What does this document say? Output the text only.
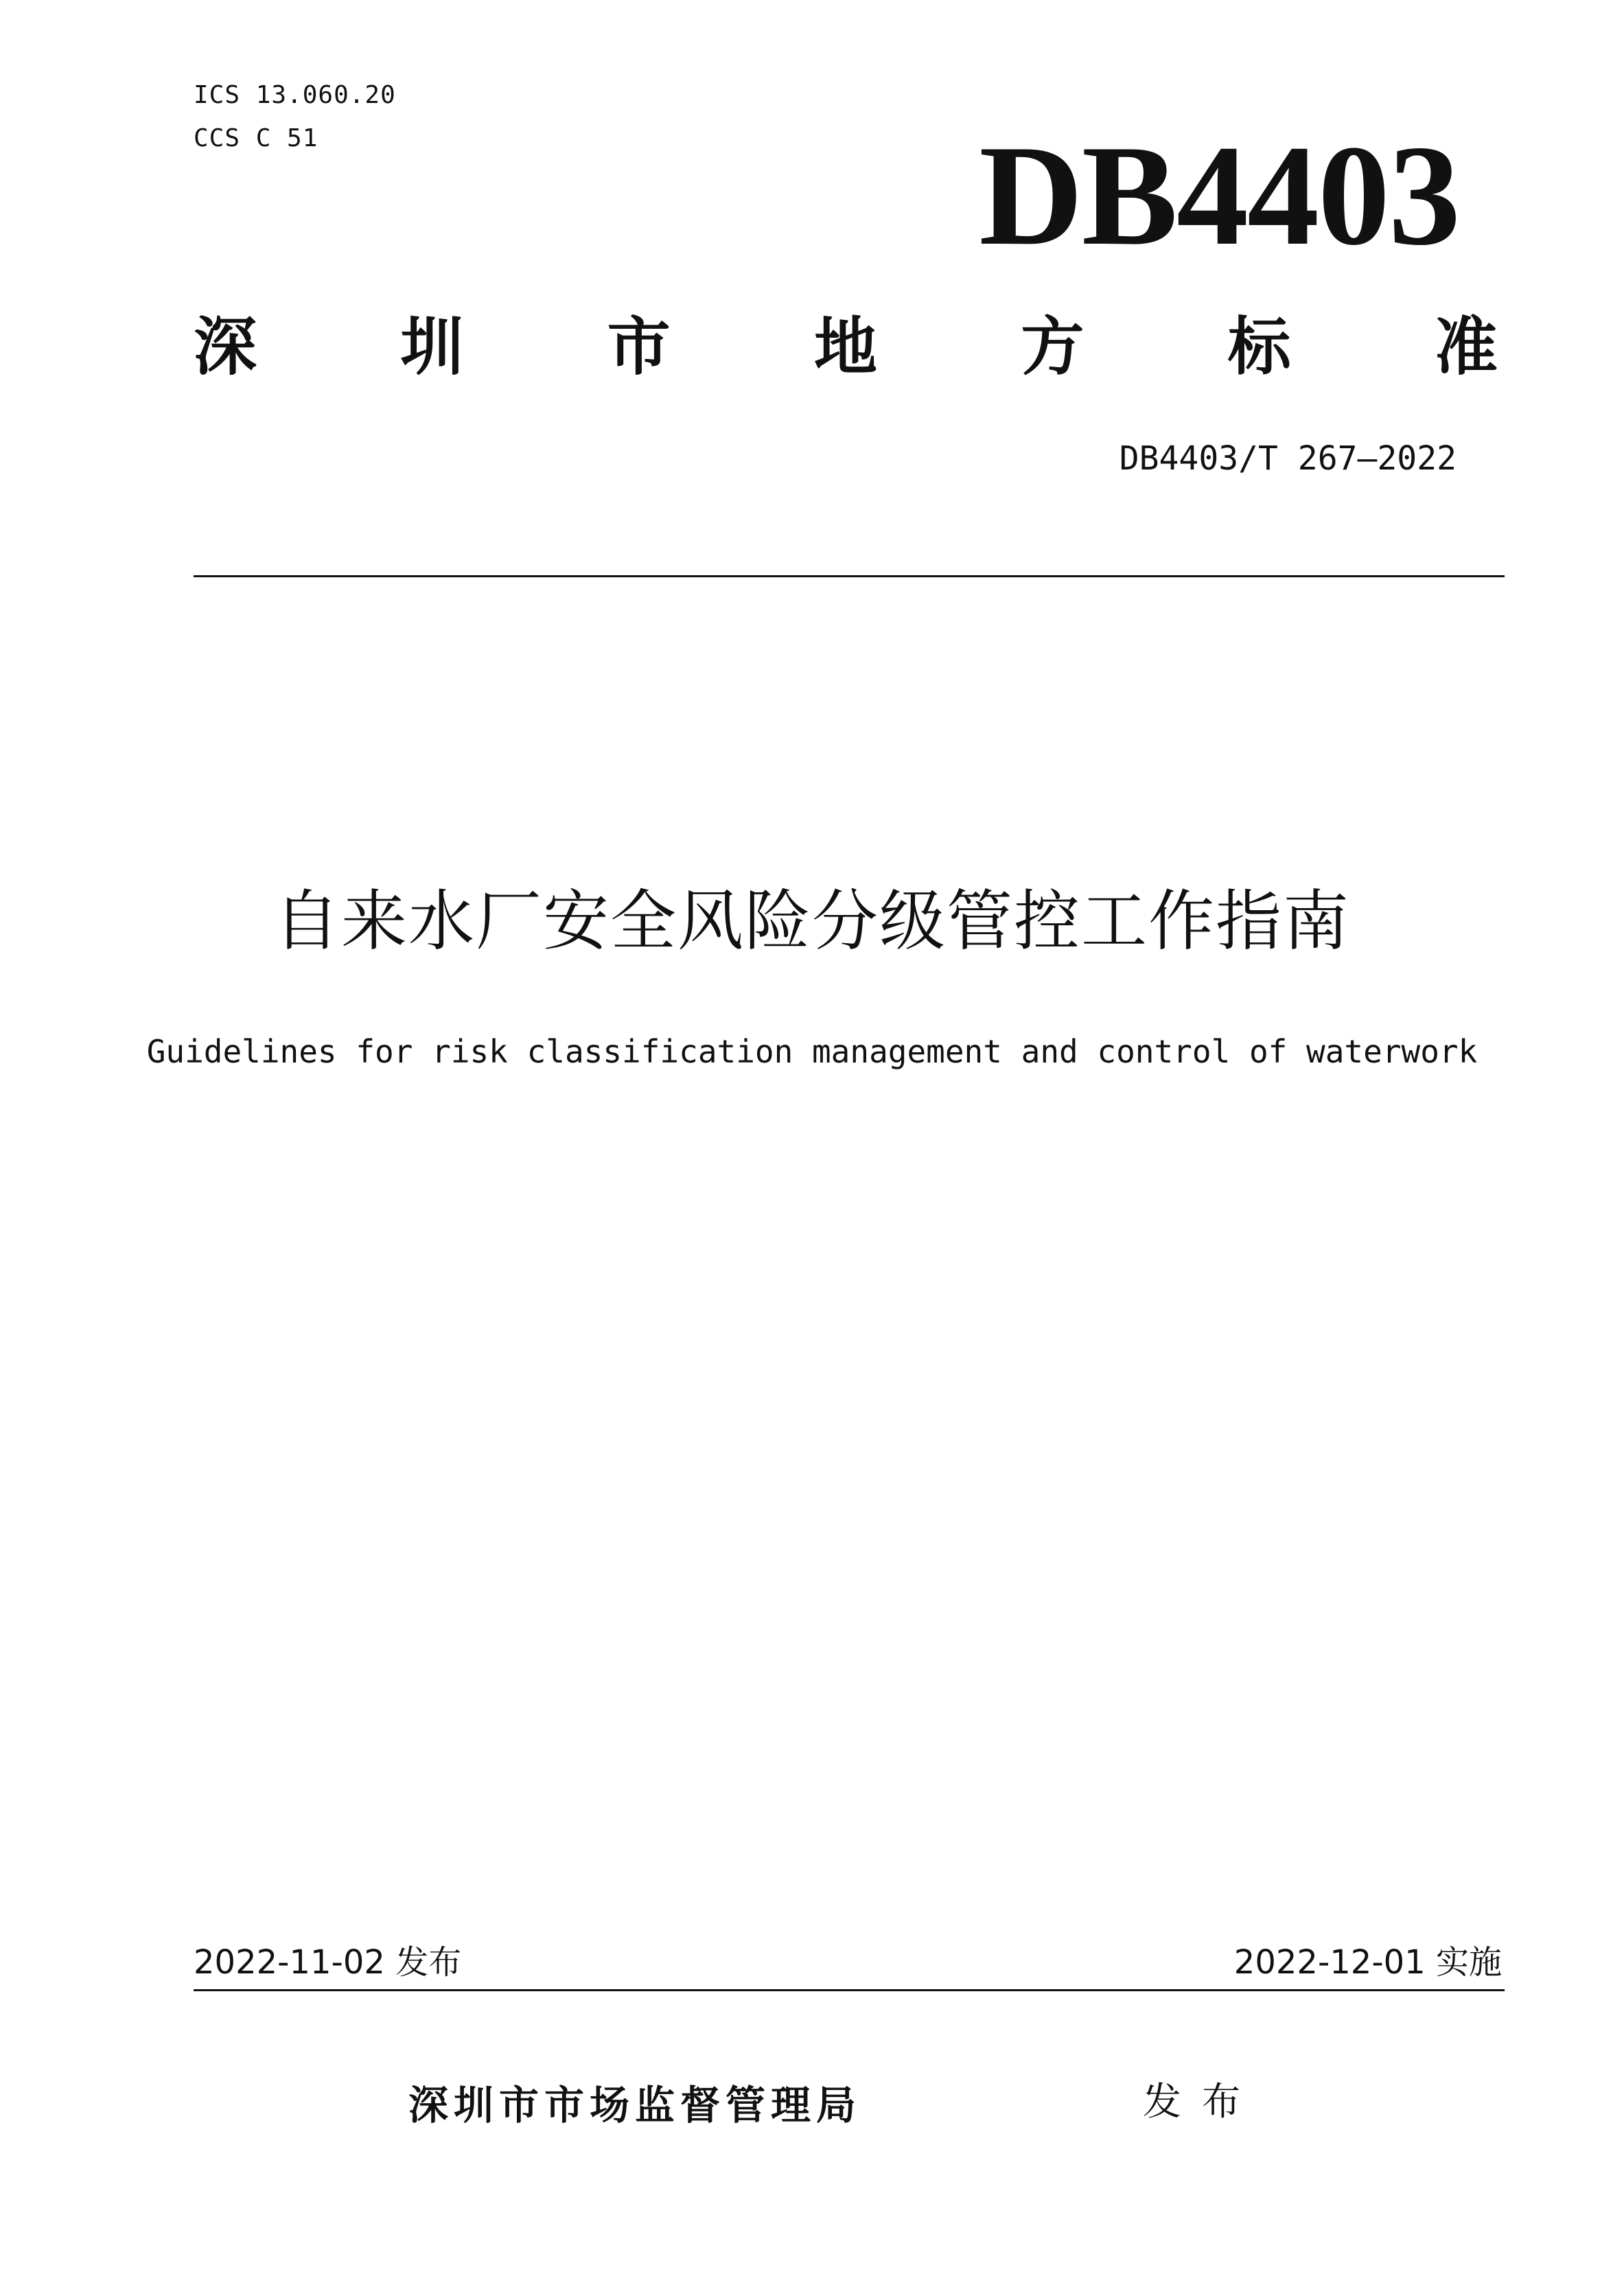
ICS 13.060.20
CCS C 51	DB4403
深 圳 市 地 方 标 准
DB4403/T 267—2022
自来水厂安全风险分级管控工作指南
Guidelines for risk classification management and control of waterwork
2022-11-02 发布	2022-12-01 实施
深圳市市场监督管理局	发布
